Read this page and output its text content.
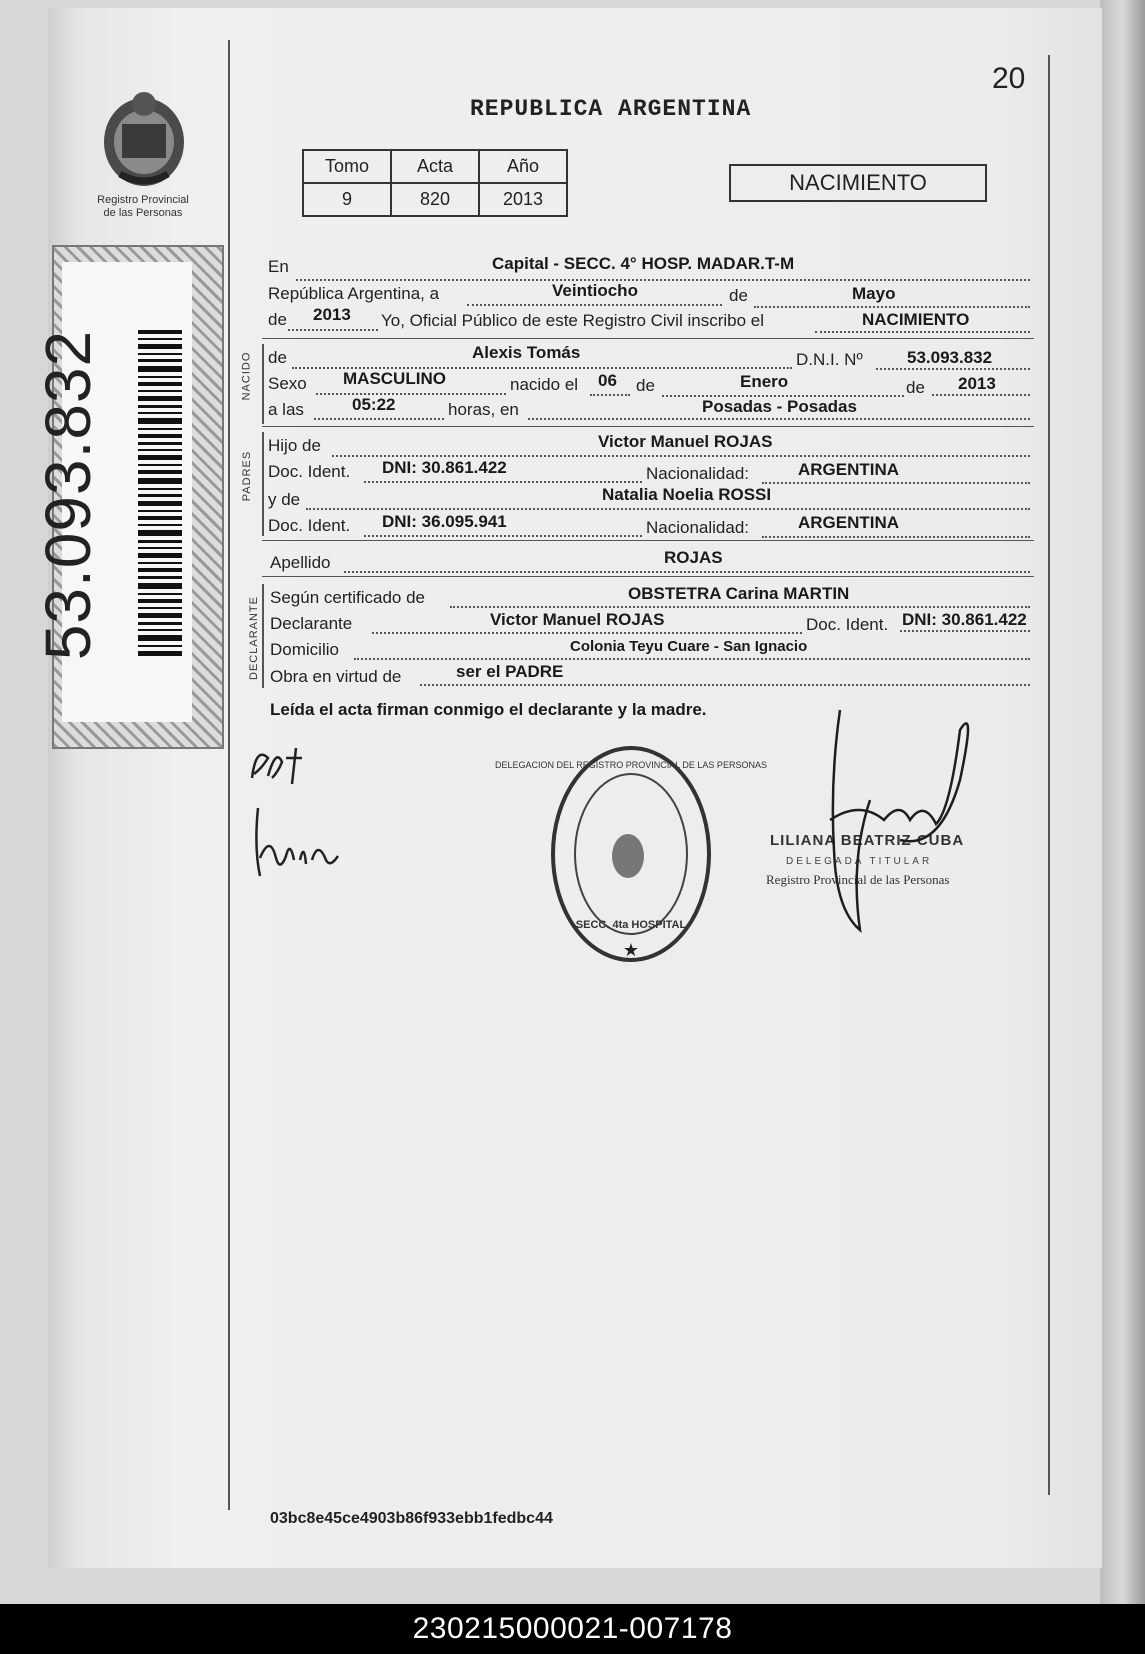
Registro Provincial
de las Personas
53.093.832
20
REPUBLICA ARGENTINA
Tomo	Acta	Año
9	820	2013
NACIMIENTO
NACIDO
PADRES
DECLARANTE
En	Capital - SECC. 4° HOSP. MADAR.T-M
República Argentina, a	Veintiocho	de	Mayo
de 2013 Yo, Oficial Público de este Registro Civil inscribo el	NACIMIENTO
de	Alexis Tomás	D.N.I. Nº	53.093.832
Sexo MASCULINO	nacido el 06 de	Enero	de 2013
a las	05:22	horas, en	Posadas - Posadas
Hijo de	Victor Manuel ROJAS
Doc. Ident. DNI: 30.861.422	Nacionalidad:	ARGENTINA
y de	Natalia Noelia ROSSI
Doc. Ident. DNI: 36.095.941	Nacionalidad:	ARGENTINA
Apellido	ROJAS
Según certificado de	OBSTETRA Carina MARTIN
Declarante	Victor Manuel ROJAS	Doc. Ident. DNI: 30.861.422
Domicilio	Colonia Teyu Cuare - San Ignacio
Obra en virtud de	ser el PADRE
Leída el acta firman conmigo el declarante y la madre.
DELEGACION DEL REGISTRO PROVINCIAL DE LAS PERSONAS
SECC. 4ta HOSPITAL
★
LILIANA BEATRIZ CUBA
DELEGADA TITULAR
Registro Provincial de las Personas
03bc8e45ce4903b86f933ebb1fedbc44
230215000021-007178
